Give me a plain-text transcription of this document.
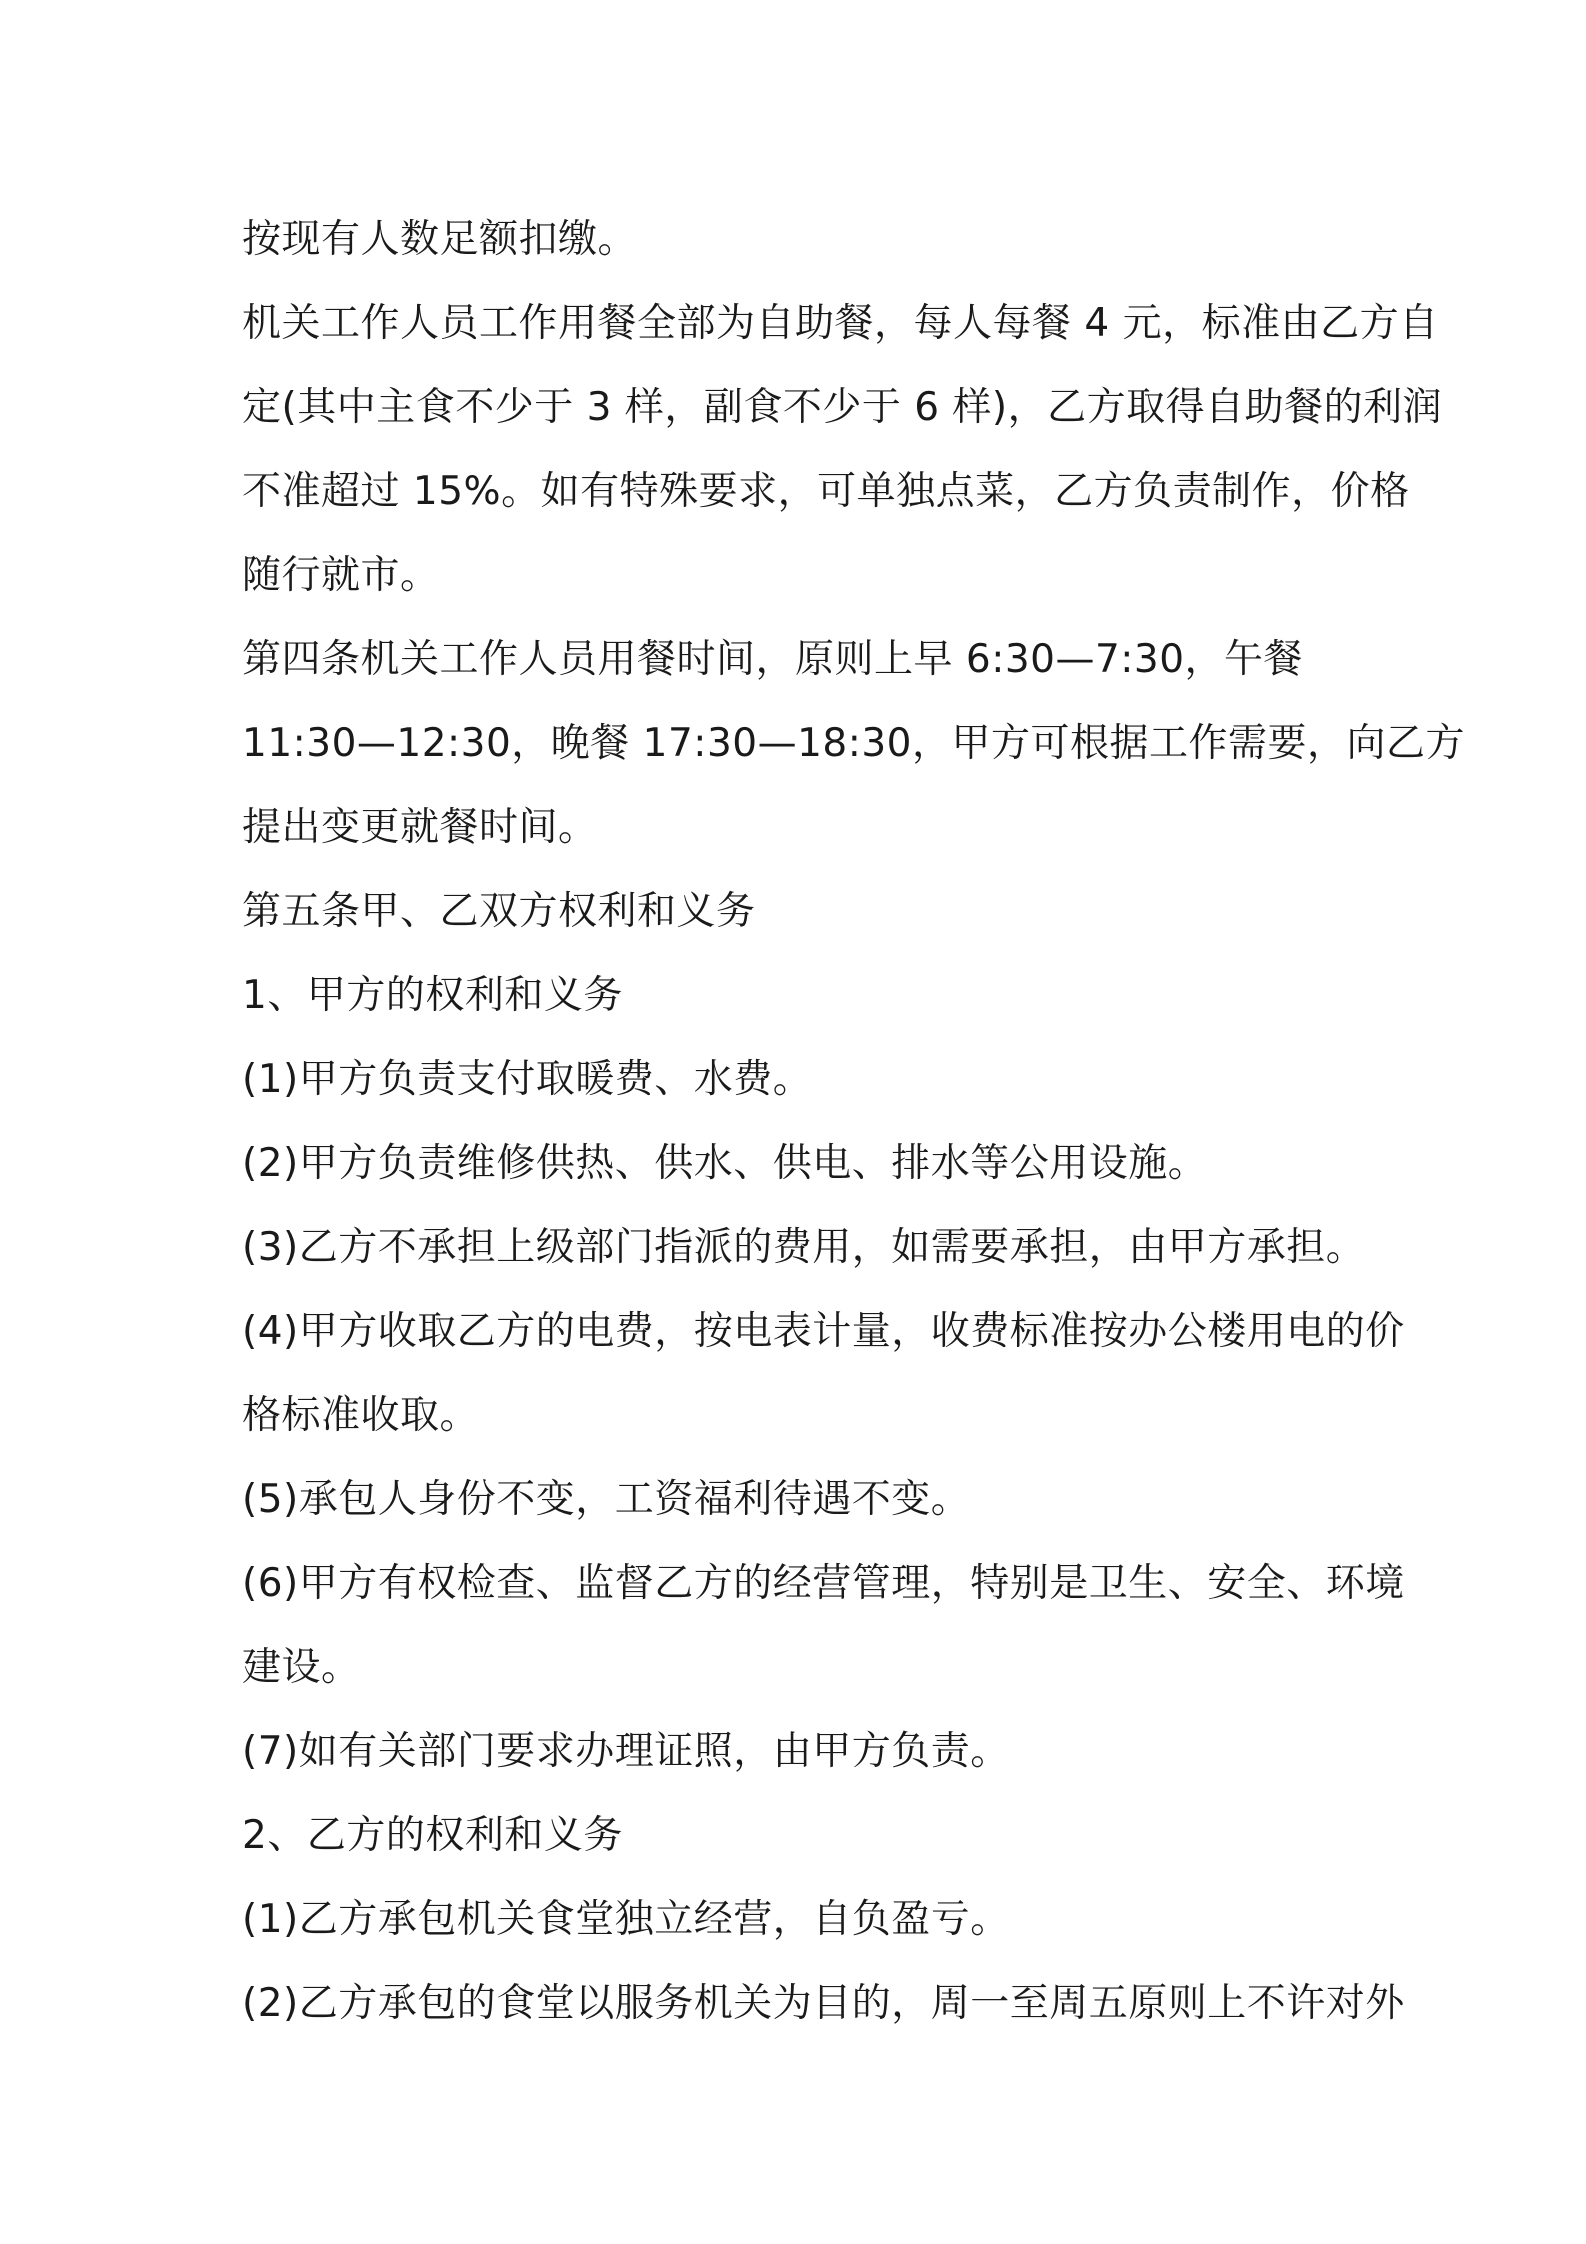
按现有人数足额扣缴。
机关工作人员工作用餐全部为自助餐，每人每餐 4 元，标准由乙方自
定(其中主食不少于 3 样，副食不少于 6 样)，乙方取得自助餐的利润
不准超过 15%。如有特殊要求，可单独点菜，乙方负责制作，价格
随行就市。
第四条机关工作人员用餐时间，原则上早 6:30—7:30，午餐
11:30—12:30，晚餐 17:30—18:30，甲方可根据工作需要，向乙方
提出变更就餐时间。
第五条甲、乙双方权利和义务
1、甲方的权利和义务
(1)甲方负责支付取暖费、水费。
(2)甲方负责维修供热、供水、供电、排水等公用设施。
(3)乙方不承担上级部门指派的费用，如需要承担，由甲方承担。
(4)甲方收取乙方的电费，按电表计量，收费标准按办公楼用电的价
格标准收取。
(5)承包人身份不变，工资福利待遇不变。
(6)甲方有权检查、监督乙方的经营管理，特别是卫生、安全、环境
建设。
(7)如有关部门要求办理证照，由甲方负责。
2、乙方的权利和义务
(1)乙方承包机关食堂独立经营，自负盈亏。
(2)乙方承包的食堂以服务机关为目的，周一至周五原则上不许对外
